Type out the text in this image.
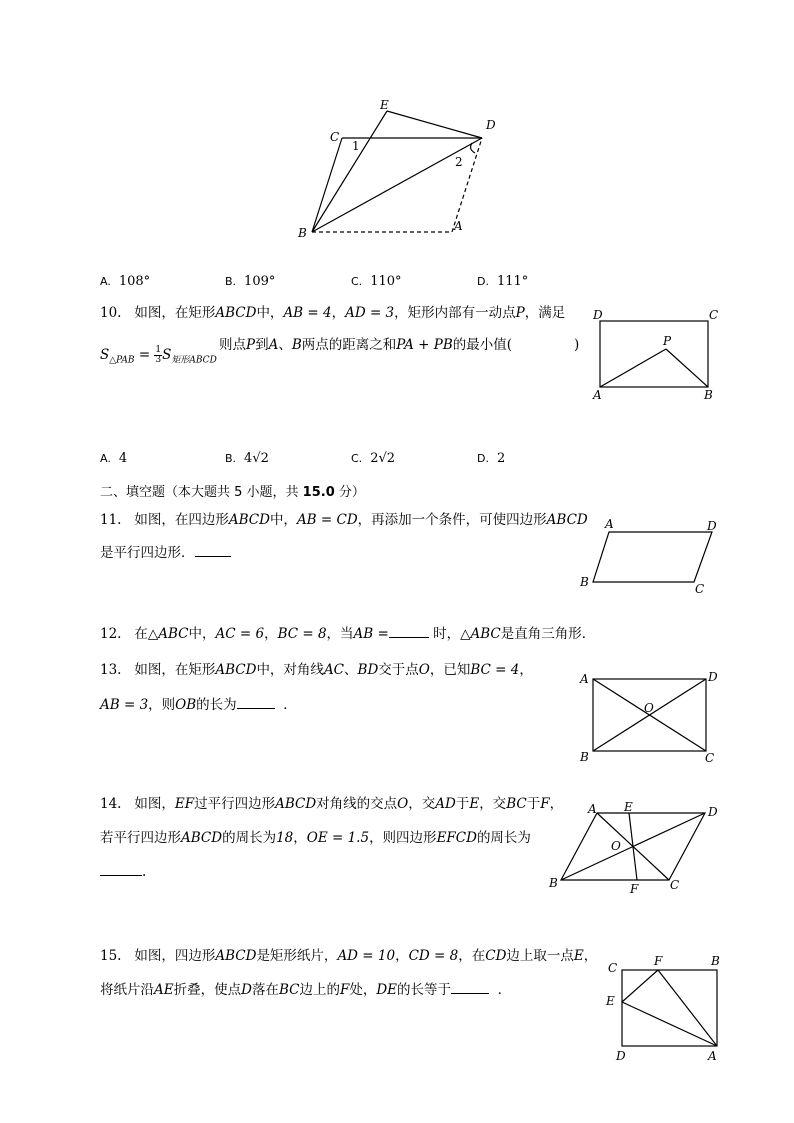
E
C
D
B	A
1
2
A. 108°	B. 109°	C. 110°	D. 111°
10. 如图，在矩形ABCD中，AB = 4，AD = 3，矩形内部有一动点P，满足
$S_{\triangle PAB} = \frac{1}{3} S_{矩形ABCD}$
则点P到A、B两点的距离之和PA + PB的最小值(	)
D	C
P
A	B
A. 4	B. 4√2	C. 2√2	D. 2
二、填空题（本大题共 5 小题，共 15.0 分）
11. 如图，在四边形ABCD中，AB = CD，再添加一个条件，可使四边形ABCD
是平行四边形．
A	D
B	C
12. 在△ABC中，AC = 6，BC = 8，当AB =	时，△ABC是直角三角形．
13. 如图，在矩形ABCD中，对角线AC、BD交于点O，已知BC = 4，
AB = 3，则OB的长为	．
A	D
O
B	C
14. 如图，EF过平行四边形ABCD对角线的交点O，交AD于E，交BC于F，
若平行四边形ABCD的周长为18，OE = 1.5，则四边形EFCD的周长为
.
A E	D
O
B	F	C
15. 如图，四边形ABCD是矩形纸片，AD = 10，CD = 8，在CD边上取一点E，
将纸片沿AE折叠，使点D落在BC边上的F处，DE的长等于	．
C	F	B
E
D	A
